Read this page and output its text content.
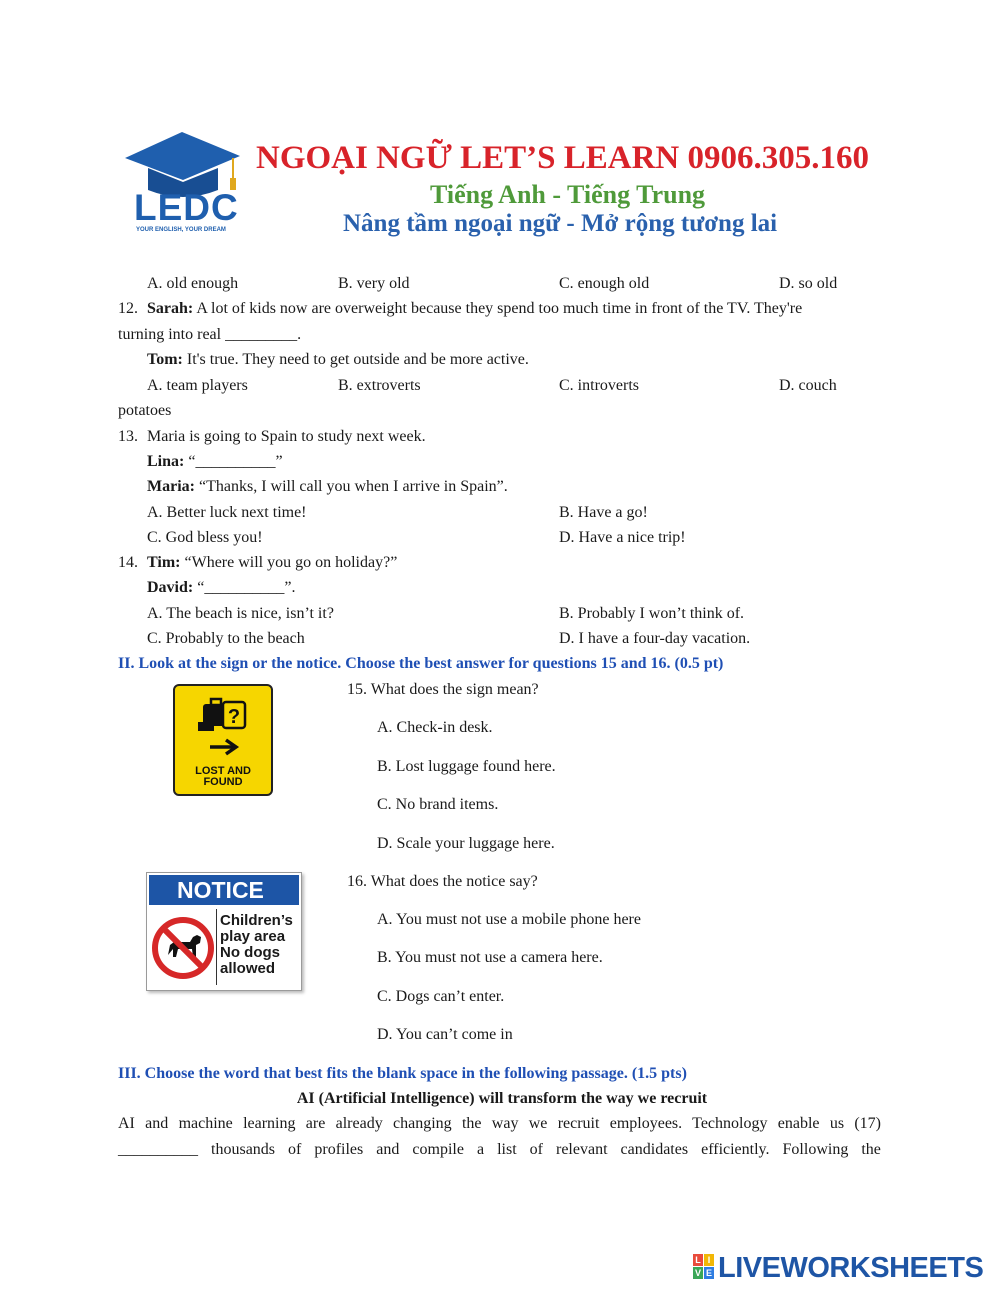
LEDC
YOUR ENGLISH, YOUR DREAM
NGOẠI NGỮ LET’S LEARN 0906.305.160
Tiếng Anh - Tiếng Trung
Nâng tầm ngoại ngữ - Mở rộng tương lai
A. old enough	B. very old	C. enough old	D. so old
12. Sarah: A lot of kids now are overweight because they spend too much time in front of the TV. They're
turning into real _________.
Tom: It's true. They need to get outside and be more active.
A. team players	B. extroverts	C. introverts	D. couch
potatoes
13. Maria is going to Spain to study next week.
Lina: “__________”
Maria: “Thanks, I will call you when I arrive in Spain”.
A. Better luck next time!	B. Have a go!
C. God bless you!	D. Have a nice trip!
14. Tim: “Where will you go on holiday?”
David: “__________”.
A. The beach is nice, isn’t it?	B. Probably I won’t think of.
C. Probably to the beach	D. I have a four-day vacation.
II. Look at the sign or the notice. Choose the best answer for questions 15 and 16. (0.5 pt)
?
LOST AND
FOUND
15. What does the sign mean?
A. Check-in desk.
B. Lost luggage found here.
C. No brand items.
D. Scale your luggage here.
NOTICE
Children’s
play area
No dogs
allowed
16. What does the notice say?
A. You must not use a mobile phone here
B. You must not use a camera here.
C. Dogs can’t enter.
D. You can’t come in
III. Choose the word that best fits the blank space in the following passage. (1.5 pts)
AI (Artificial Intelligence) will transform the way we recruit
AI and machine learning are already changing the way we recruit employees. Technology enable us (17)
__________ thousands of profiles and compile a list of relevant candidates efficiently. Following the
L I
V E LIVEWORKSHEETS
